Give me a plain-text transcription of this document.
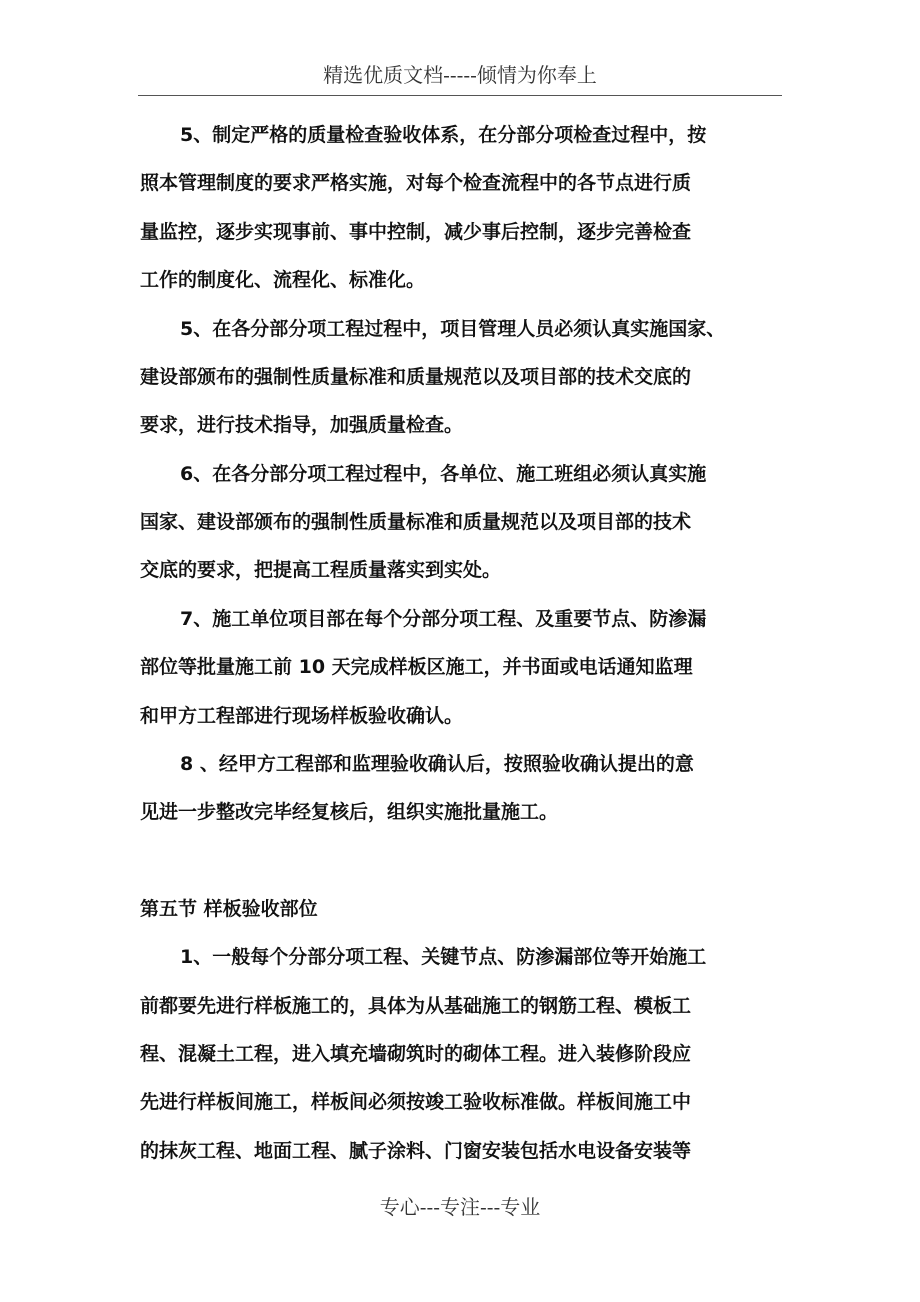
精选优质文档-----倾情为你奉上
5、制定严格的质量检查验收体系，在分部分项检查过程中，按
照本管理制度的要求严格实施，对每个检查流程中的各节点进行质
量监控，逐步实现事前、事中控制，减少事后控制，逐步完善检查
工作的制度化、流程化、标准化。
5、在各分部分项工程过程中，项目管理人员必须认真实施国家、
建设部颁布的强制性质量标准和质量规范以及项目部的技术交底的
要求，进行技术指导，加强质量检查。
6、在各分部分项工程过程中，各单位、施工班组必须认真实施
国家、建设部颁布的强制性质量标准和质量规范以及项目部的技术
交底的要求，把提高工程质量落实到实处。
7、施工单位项目部在每个分部分项工程、及重要节点、防渗漏
部位等批量施工前 10 天完成样板区施工，并书面或电话通知监理
和甲方工程部进行现场样板验收确认。
8 、经甲方工程部和监理验收确认后，按照验收确认提出的意
见进一步整改完毕经复核后，组织实施批量施工。
第五节 样板验收部位
1、一般每个分部分项工程、关键节点、防渗漏部位等开始施工
前都要先进行样板施工的，具体为从基础施工的钢筋工程、模板工
程、混凝土工程，进入填充墙砌筑时的砌体工程。进入装修阶段应
先进行样板间施工，样板间必须按竣工验收标准做。样板间施工中
的抹灰工程、地面工程、腻子涂料、门窗安装包括水电设备安装等
专心---专注---专业
